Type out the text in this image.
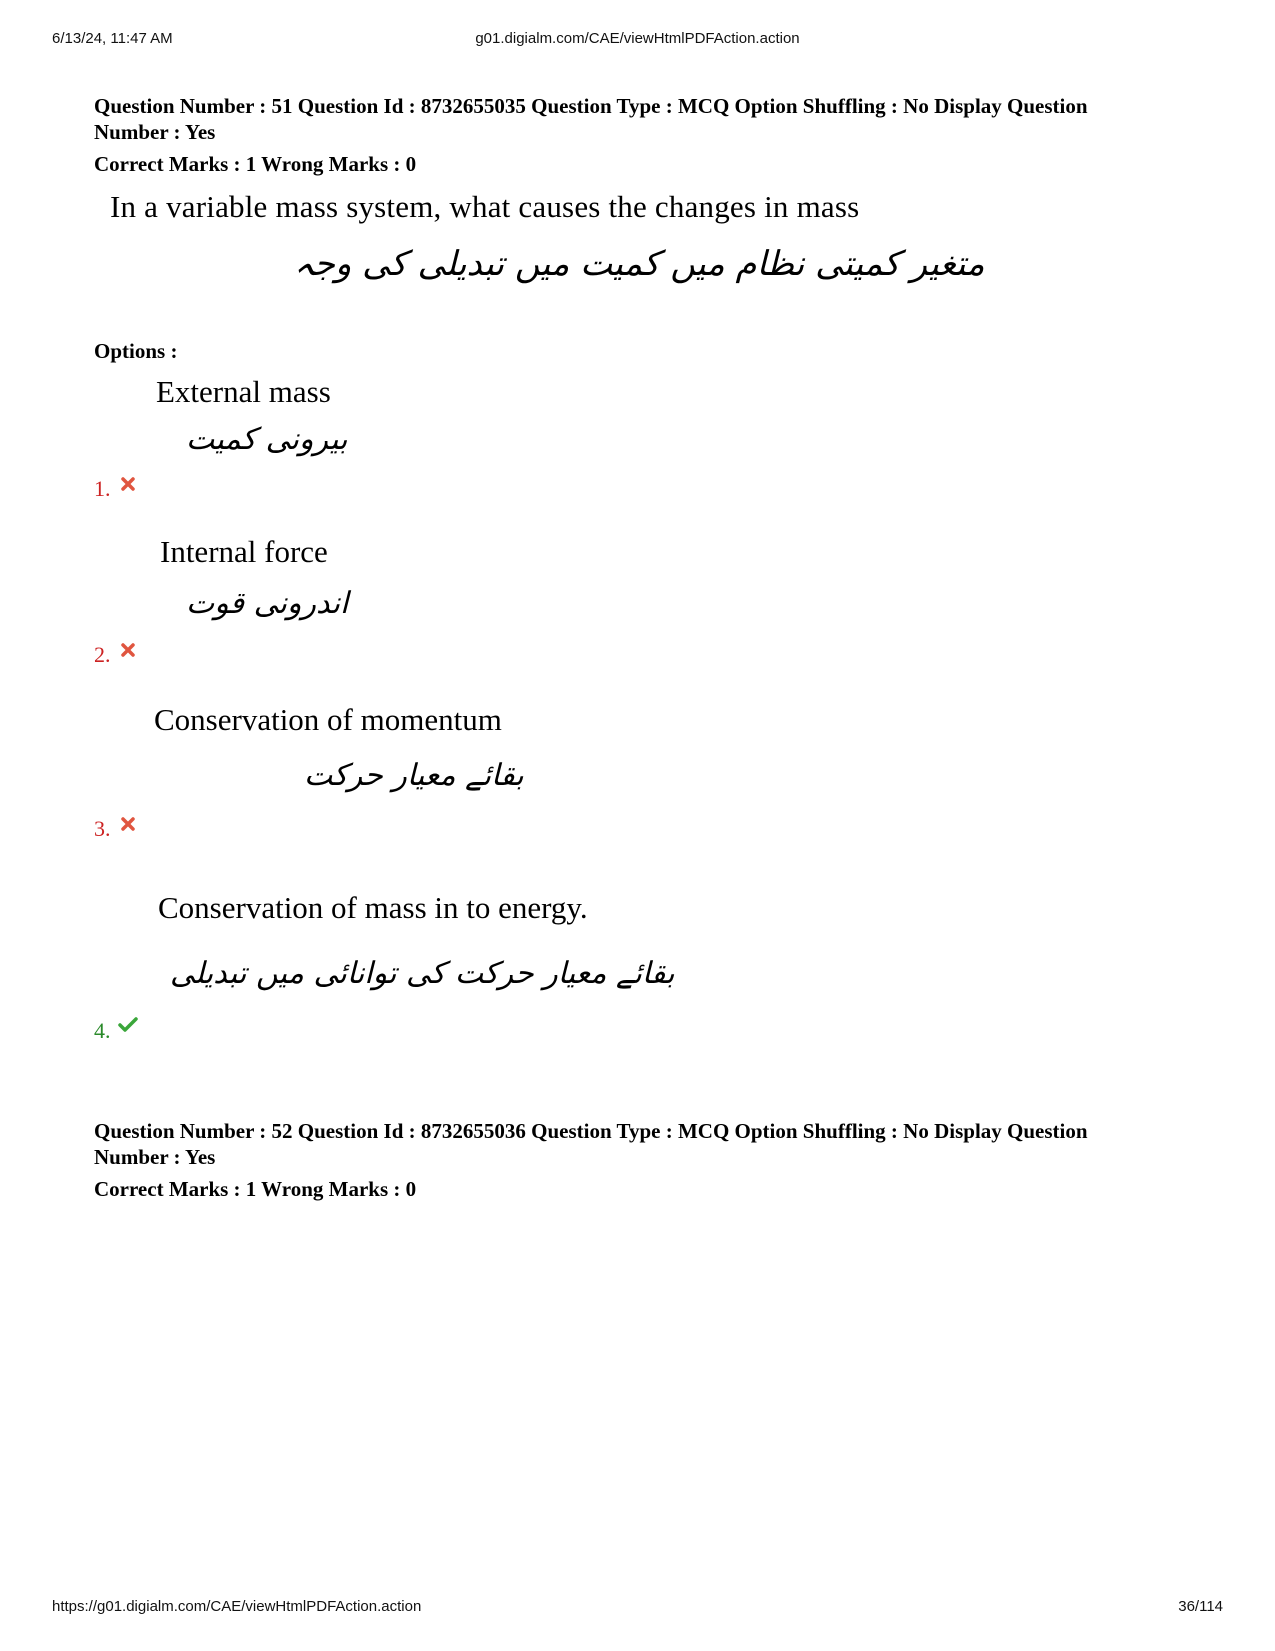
6/13/24, 11:47 AM	g01.digialm.com/CAE/viewHtmlPDFAction.action
Question Number : 51 Question Id : 8732655035 Question Type : MCQ Option Shuffling : No Display Question
Number : Yes
Correct Marks : 1 Wrong Marks : 0
In a variable mass system, what causes the changes in mass
متغیر کمیتی نظام میں کمیت میں تبدیلی کی وجہ
Options :
External mass
بیرونی کمیت
1.
Internal force
اندرونی قوت
2.
Conservation of momentum
بقائے معیار حرکت
3.
Conservation of mass in to energy.
بقائے معیار حرکت کی توانائی میں تبدیلی
4.
Question Number : 52 Question Id : 8732655036 Question Type : MCQ Option Shuffling : No Display Question
Number : Yes
Correct Marks : 1 Wrong Marks : 0
https://g01.digialm.com/CAE/viewHtmlPDFAction.action	36/114
